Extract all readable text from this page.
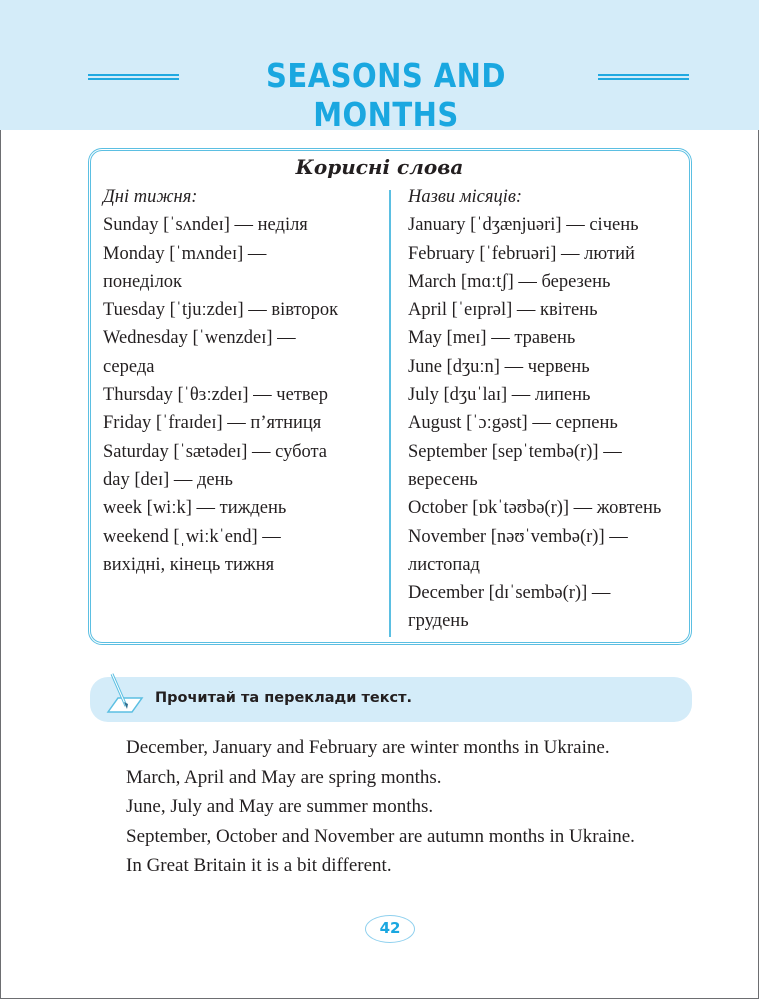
SEASONS AND MONTHS
Корисні слова
Дні тижня:
Sunday [ˈsʌndeɪ] — неділя
Monday [ˈmʌndeɪ] —
понеділок
Tuesday [ˈtjuːzdeɪ] — вівторок
Wednesday [ˈwenzdeɪ] —
середа
Thursday [ˈθɜːzdeɪ] — четвер
Friday [ˈfraɪdeɪ] — п’ятниця
Saturday [ˈsætədeɪ] — субота
day [deɪ] — день
week [wiːk] — тиждень
weekend [ˌwiːkˈend] —
вихідні, кінець тижня
Назви місяців:
January [ˈdʒænjuəri] — січень
February [ˈfebruəri] — лютий
March [mɑːtʃ] — березень
April [ˈeɪprəl] — квітень
May [meɪ] — травень
June [dʒuːn] — червень
July [dʒuˈlaɪ] — липень
August [ˈɔːgəst] — серпень
September [sepˈtembə(r)] —
вересень
October [ɒkˈtəʊbə(r)] — жовтень
November [nəʊˈvembə(r)] —
листопад
December [dɪˈsembə(r)] —
грудень
Прочитай та переклади текст.

December, January and February are winter months in Ukraine.

March, April and May are spring months.

June, July and May are summer months.

September, October and November are autumn months in Ukraine.

In Great Britain it is a bit different.

42
